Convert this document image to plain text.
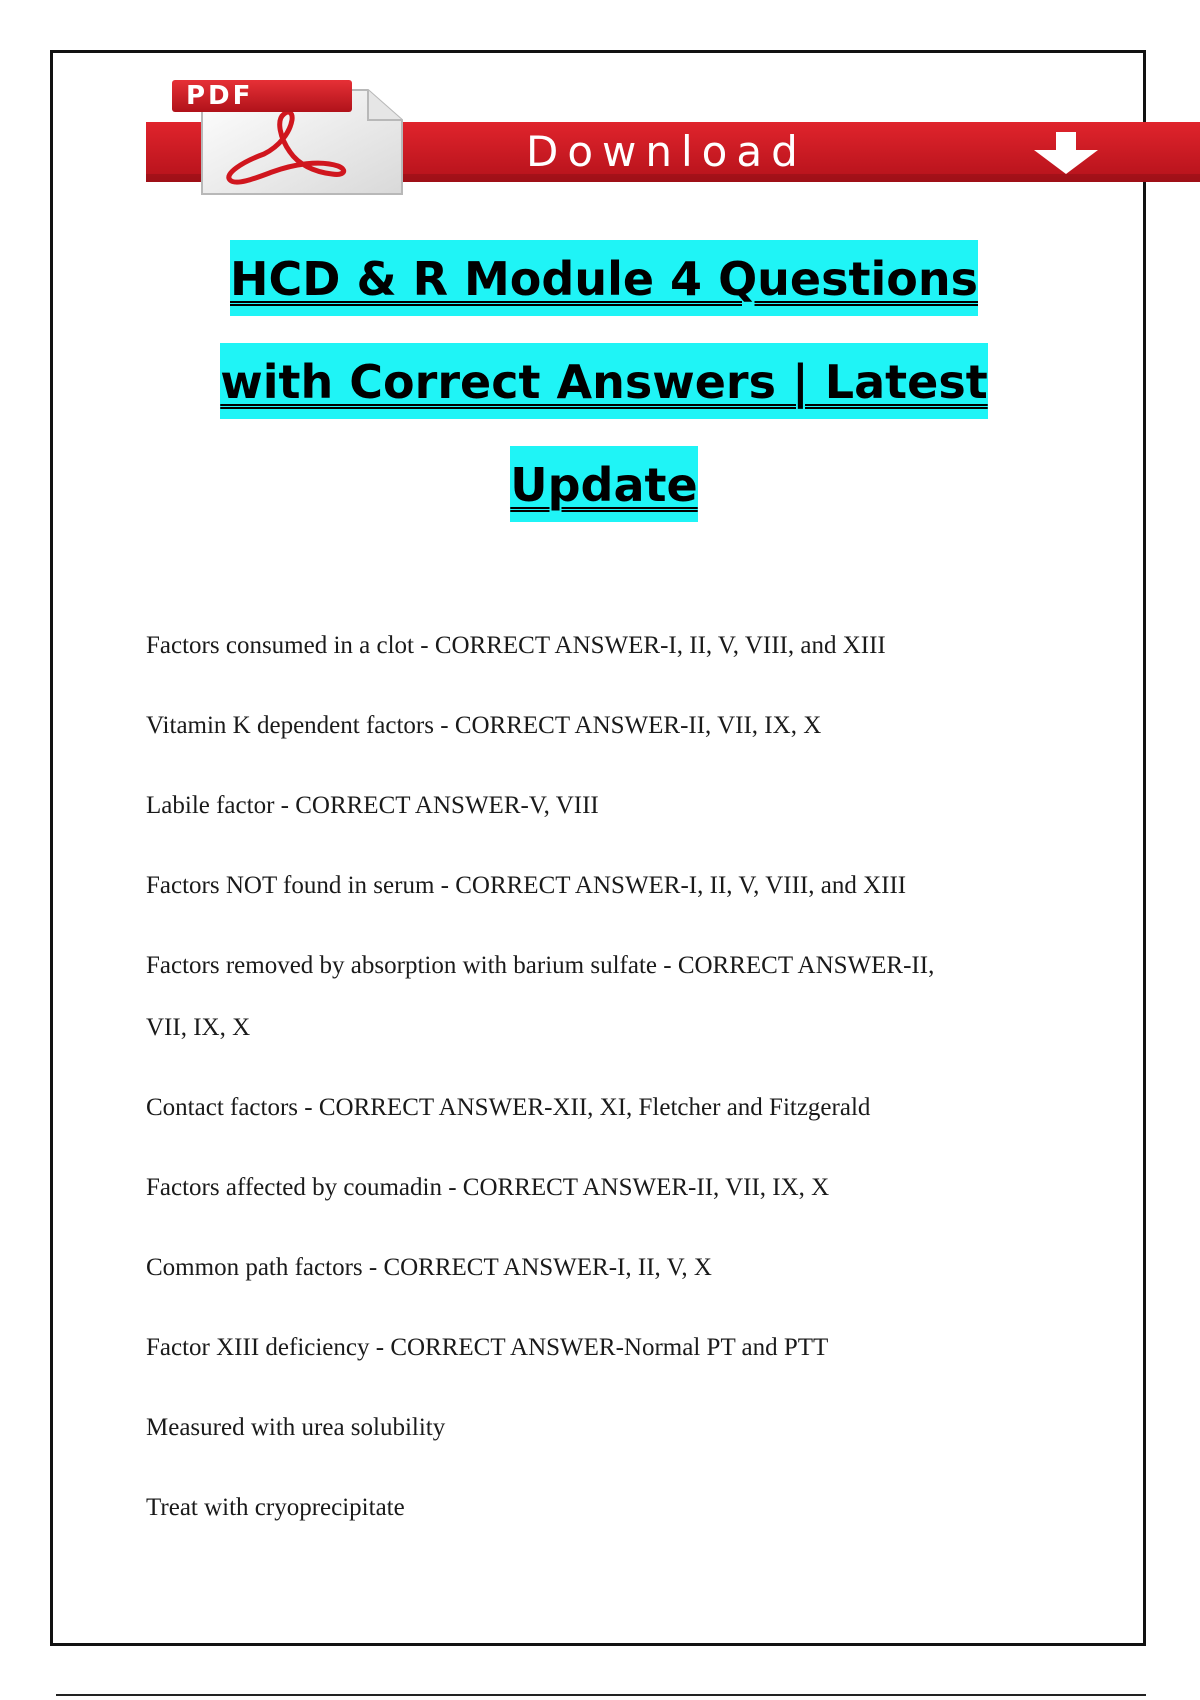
Download
PDF
HCD & R Module 4 Questions
with Correct Answers | Latest
Update
Factors consumed in a clot - CORRECT ANSWER-I, II, V, VIII, and XIII
Vitamin K dependent factors - CORRECT ANSWER-II, VII, IX, X
Labile factor - CORRECT ANSWER-V, VIII
Factors NOT found in serum - CORRECT ANSWER-I, II, V, VIII, and XIII
Factors removed by absorption with barium sulfate - CORRECT ANSWER-II,
VII, IX, X
Contact factors - CORRECT ANSWER-XII, XI, Fletcher and Fitzgerald
Factors affected by coumadin - CORRECT ANSWER-II, VII, IX, X
Common path factors - CORRECT ANSWER-I, II, V, X
Factor XIII deficiency - CORRECT ANSWER-Normal PT and PTT
Measured with urea solubility
Treat with cryoprecipitate
